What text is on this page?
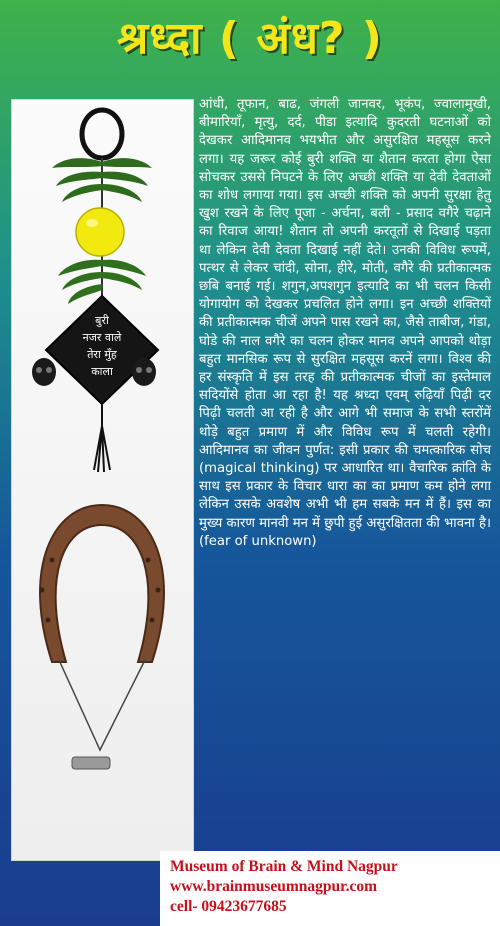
श्रध्दा ( अंध? )
बुरी
नजर वाले
तेरा मुँह
काला

आंधी, तूफान, बाढ, जंगली जानवर, भूकंप, ज्वालामुखी, बीमारियाँ, मृत्यु, दर्द, पीडा इत्यादि कुदरती घटनाओं को देखकर आदिमानव भयभीत और असुरक्षित महसूस करने लगा। यह जरूर कोई बुरी शक्ति या शैतान करता होगा ऐसा सोचकर उससे निपटने के लिए अच्छी शक्ति या देवी देवताओं का शोध लगाया गया। इस अच्छी शक्ति को अपनी सुरक्षा हेतु खुश रखने के लिए पूजा - अर्चना, बली - प्रसाद वगैरे चढ़ाने का रिवाज आया! शैतान तो अपनी करतूतों से दिखाई पड़ता था लेकिन देवी देवता दिखाई नहीं देते। उनकी विविध रूपमें, पत्थर से लेकर चांदी, सोना, हीरे, मोती, वगैरे की प्रतीकात्मक छबि बनाई गई। शगुन,अपशगुन इत्यादि का भी चलन किसी योगायोग को देखकर प्रचलित होने लगा। इन अच्छी शक्तियों की प्रतीकात्मक चीजें अपने पास रखने का, जैसे ताबीज, गंडा, घोडे की नाल वगैरे का चलन होकर मानव अपने आपको थोड़ा बहुत मानसिक रूप से सुरक्षित महसूस करनें लगा। विश्व की हर संस्कृति में इस तरह की प्रतीकात्मक चीजों का इस्तेमाल सदियोंसे होता आ रहा है! यह श्रध्दा एवम् रुढ़ियाँ पिढ़ी दर पिढ़ी चलती आ रही है और आगे भी समाज के सभी स्तरोंमें थोड़े बहुत प्रमाण में और विविध रूप में चलती रहेगी। आदिमानव का जीवन पुर्णत: इसी प्रकार की चमत्कारिक सोच (magical thinking) पर आधारित था। वैचारिक क्रांति के साथ इस प्रकार के विचार धारा का का प्रमाण कम होने लगा लेकिन उसके अवशेष अभी भी हम सबके मन में हैं। इस का मुख्य कारण मानवी मन में छुपी हुई असुरक्षितता की भावना है। (fear of unknown)

Museum of Brain & Mind Nagpur
www.brainmuseumnagpur.com
cell- 09423677685
